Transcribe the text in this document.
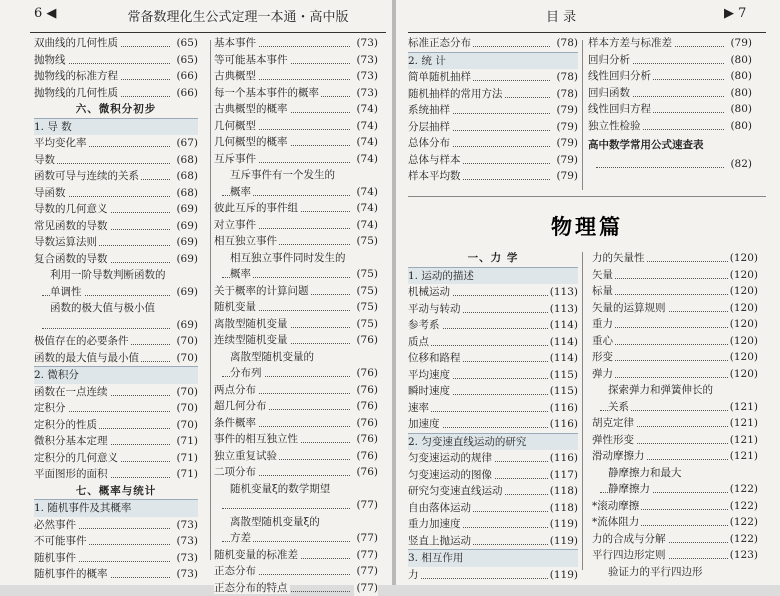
6 ◀	常备数理化生公式定理一本通・高中版
双曲线的几何性质	(65)
抛物线	(65)
抛物线的标准方程	(66)
抛物线的几何性质	(66)
六、微积分初步
1. 导 数
平均变化率	(67)
导数	(68)
函数可导与连续的关系	(68)
导函数	(68)
导数的几何意义	(69)
常见函数的导数	(69)
导数运算法则	(69)
复合函数的导数	(69)
利用一阶导数判断函数的
单调性	(69)
函数的极大值与极小值
(69)
极值存在的必要条件	(70)
函数的最大值与最小值	(70)
2. 微积分
函数在一点连续	(70)
定积分	(70)
定积分的性质	(70)
微积分基本定理	(71)
定积分的几何意义	(71)
平面图形的面积	(71)
七、概率与统计
1. 随机事件及其概率
必然事件	(73)
不可能事件	(73)
随机事件	(73)
随机事件的概率	(73)
基本事件	(73)
等可能基本事件	(73)
古典概型	(73)
每一个基本事件的概率	(73)
古典概型的概率	(74)
几何概型	(74)
几何概型的概率	(74)
互斥事件	(74)
互斥事件有一个发生的
概率	(74)
彼此互斥的事件组	(74)
对立事件	(74)
相互独立事件	(75)
相互独立事件同时发生的
概率	(75)
关于概率的计算问题	(75)
随机变量	(75)
离散型随机变量	(75)
连续型随机变量	(76)
离散型随机变量的
分布列	(76)
两点分布	(76)
超几何分布	(76)
条件概率	(76)
事件的相互独立性	(76)
独立重复试验	(76)
二项分布	(76)
随机变量ξ的数学期望
(77)
离散型随机变量ξ的
方差	(77)
随机变量的标准差	(77)
正态分布	(77)
正态分布的特点	(77)
目 录	▶ 7
标准正态分布	(78)
2. 统 计
简单随机抽样	(78)
随机抽样的常用方法	(78)
系统抽样	(79)
分层抽样	(79)
总体分布	(79)
总体与样本	(79)
样本平均数	(79)
样本方差与标准差	(79)
回归分析	(80)
线性回归分析	(80)
回归函数	(80)
线性回归方程	(80)
独立性检验	(80)
高中数学常用公式速查表
(82)
物理篇
一、力 学
1. 运动的描述
机械运动	(113)
平动与转动	(113)
参考系	(114)
质点	(114)
位移和路程	(114)
平均速度	(115)
瞬时速度	(115)
速率	(116)
加速度	(116)
2. 匀变速直线运动的研究
匀变速运动的规律	(116)
匀变速运动的图像	(117)
研究匀变速直线运动	(118)
自由落体运动	(118)
重力加速度	(119)
竖直上抛运动	(119)
3. 相互作用
力	(119)
力的矢量性	(120)
矢量	(120)
标量	(120)
矢量的运算规则	(120)
重力	(120)
重心	(120)
形变	(120)
弹力	(120)
探索弹力和弹簧伸长的
关系	(121)
胡克定律	(121)
弹性形变	(121)
滑动摩擦力	(121)
静摩擦力和最大
静摩擦力	(122)
*滚动摩擦	(122)
*流体阻力	(122)
力的合成与分解	(122)
平行四边形定则	(123)
验证力的平行四边形
